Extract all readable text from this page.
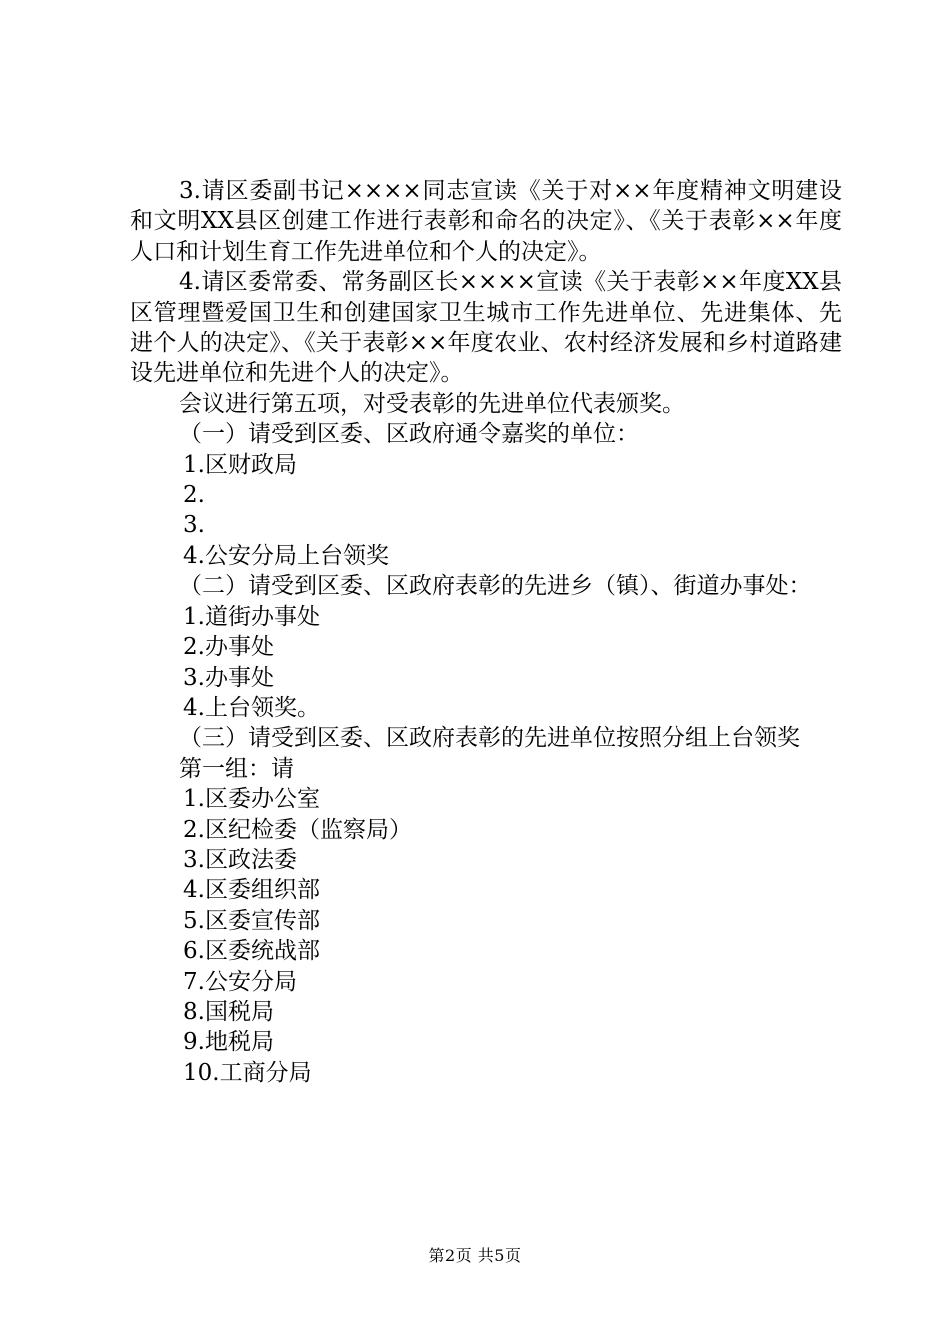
3.请区委副书记××××同志宣读《关于对××年度精神文明建设和文明XX县区创建工作进行表彰和命名的决定》、《关于表彰××年度人口和计划生育工作先进单位和个人的决定》。

4.请区委常委、常务副区长××××宣读《关于表彰××年度XX县区管理暨爱国卫生和创建国家卫生城市工作先进单位、先进集体、先进个人的决定》、《关于表彰××年度农业、农村经济发展和乡村道路建设先进单位和先进个人的决定》。

会议进行第五项，对受表彰的先进单位代表颁奖。

（一）请受到区委、区政府通令嘉奖的单位：

1.区财政局

2.

3.

4.公安分局上台领奖

（二）请受到区委、区政府表彰的先进乡（镇）、街道办事处：

1.道街办事处

2.办事处

3.办事处

4.上台领奖。

（三）请受到区委、区政府表彰的先进单位按照分组上台领奖

第一组：请

1.区委办公室

2.区纪检委（监察局）

3.区政法委

4.区委组织部

5.区委宣传部

6.区委统战部

7.公安分局

8.国税局

9.地税局

10.工商分局

第2页 共5页
